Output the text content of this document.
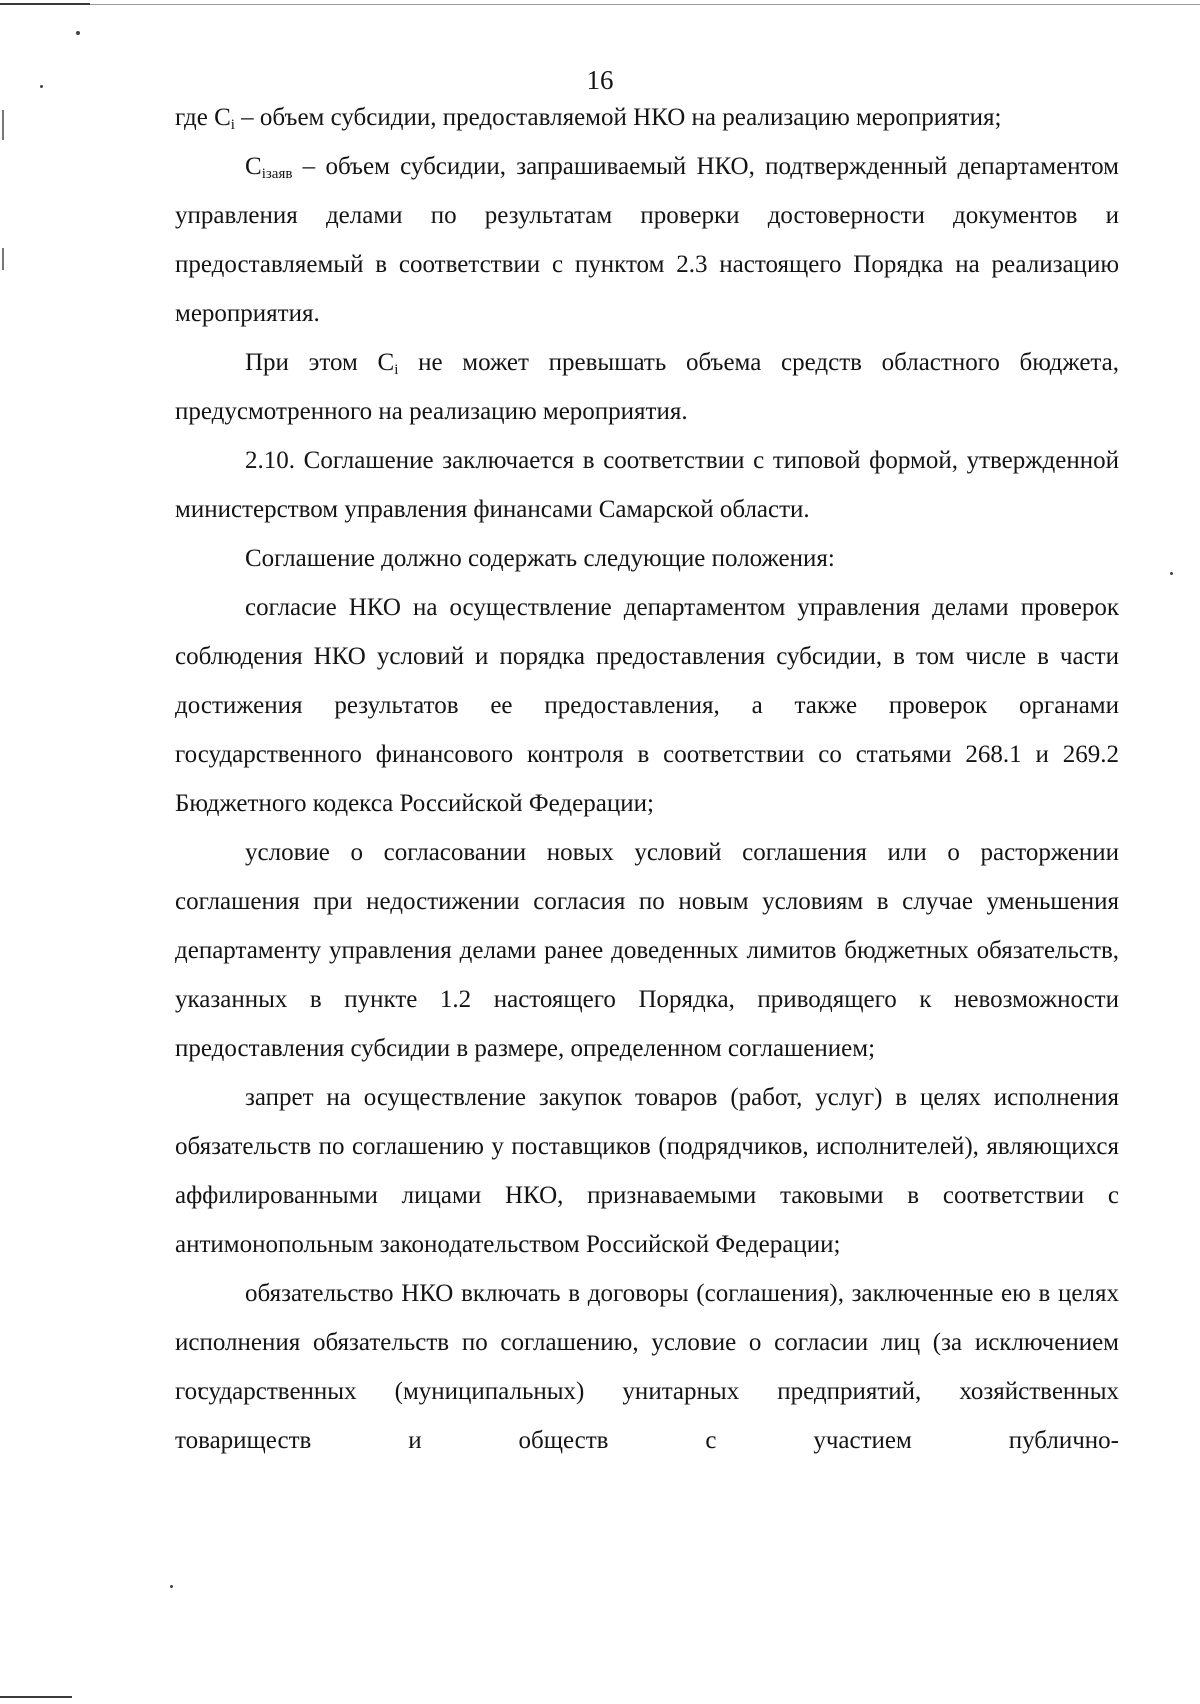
16

где $C_i$ – объем субсидии, предоставляемой НКО на реализацию мероприятия;

$C_{iзаяв}$ – объем субсидии, запрашиваемый НКО, подтвержденный департаментом управления делами по результатам проверки достоверности документов и предоставляемый в соответствии с пунктом 2.3 настоящего Порядка на реализацию мероприятия.

При этом $C_i$ не может превышать объема средств областного бюджета, предусмотренного на реализацию мероприятия.

2.10. Соглашение заключается в соответствии с типовой формой, утвержденной министерством управления финансами Самарской области.

Соглашение должно содержать следующие положения:

согласие НКО на осуществление департаментом управления делами проверок соблюдения НКО условий и порядка предоставления субсидии, в том числе в части достижения результатов ее предоставления, а также проверок органами государственного финансового контроля в соответствии со статьями 268.1 и 269.2 Бюджетного кодекса Российской Федерации;

условие о согласовании новых условий соглашения или о расторжении соглашения при недостижении согласия по новым условиям в случае уменьшения департаменту управления делами ранее доведенных лимитов бюджетных обязательств, указанных в пункте 1.2 настоящего Порядка, приводящего к невозможности предоставления субсидии в размере, определенном соглашением;

запрет на осуществление закупок товаров (работ, услуг) в целях исполнения обязательств по соглашению у поставщиков (подрядчиков, исполнителей), являющихся аффилированными лицами НКО, признаваемыми таковыми в соответствии с антимонопольным законодательством Российской Федерации;

обязательство НКО включать в договоры (соглашения), заключенные ею в целях исполнения обязательств по соглашению, условие о согласии лиц (за исключением государственных (муниципальных) унитарных предприятий, хозяйственных товариществ и обществ с участием публично-
